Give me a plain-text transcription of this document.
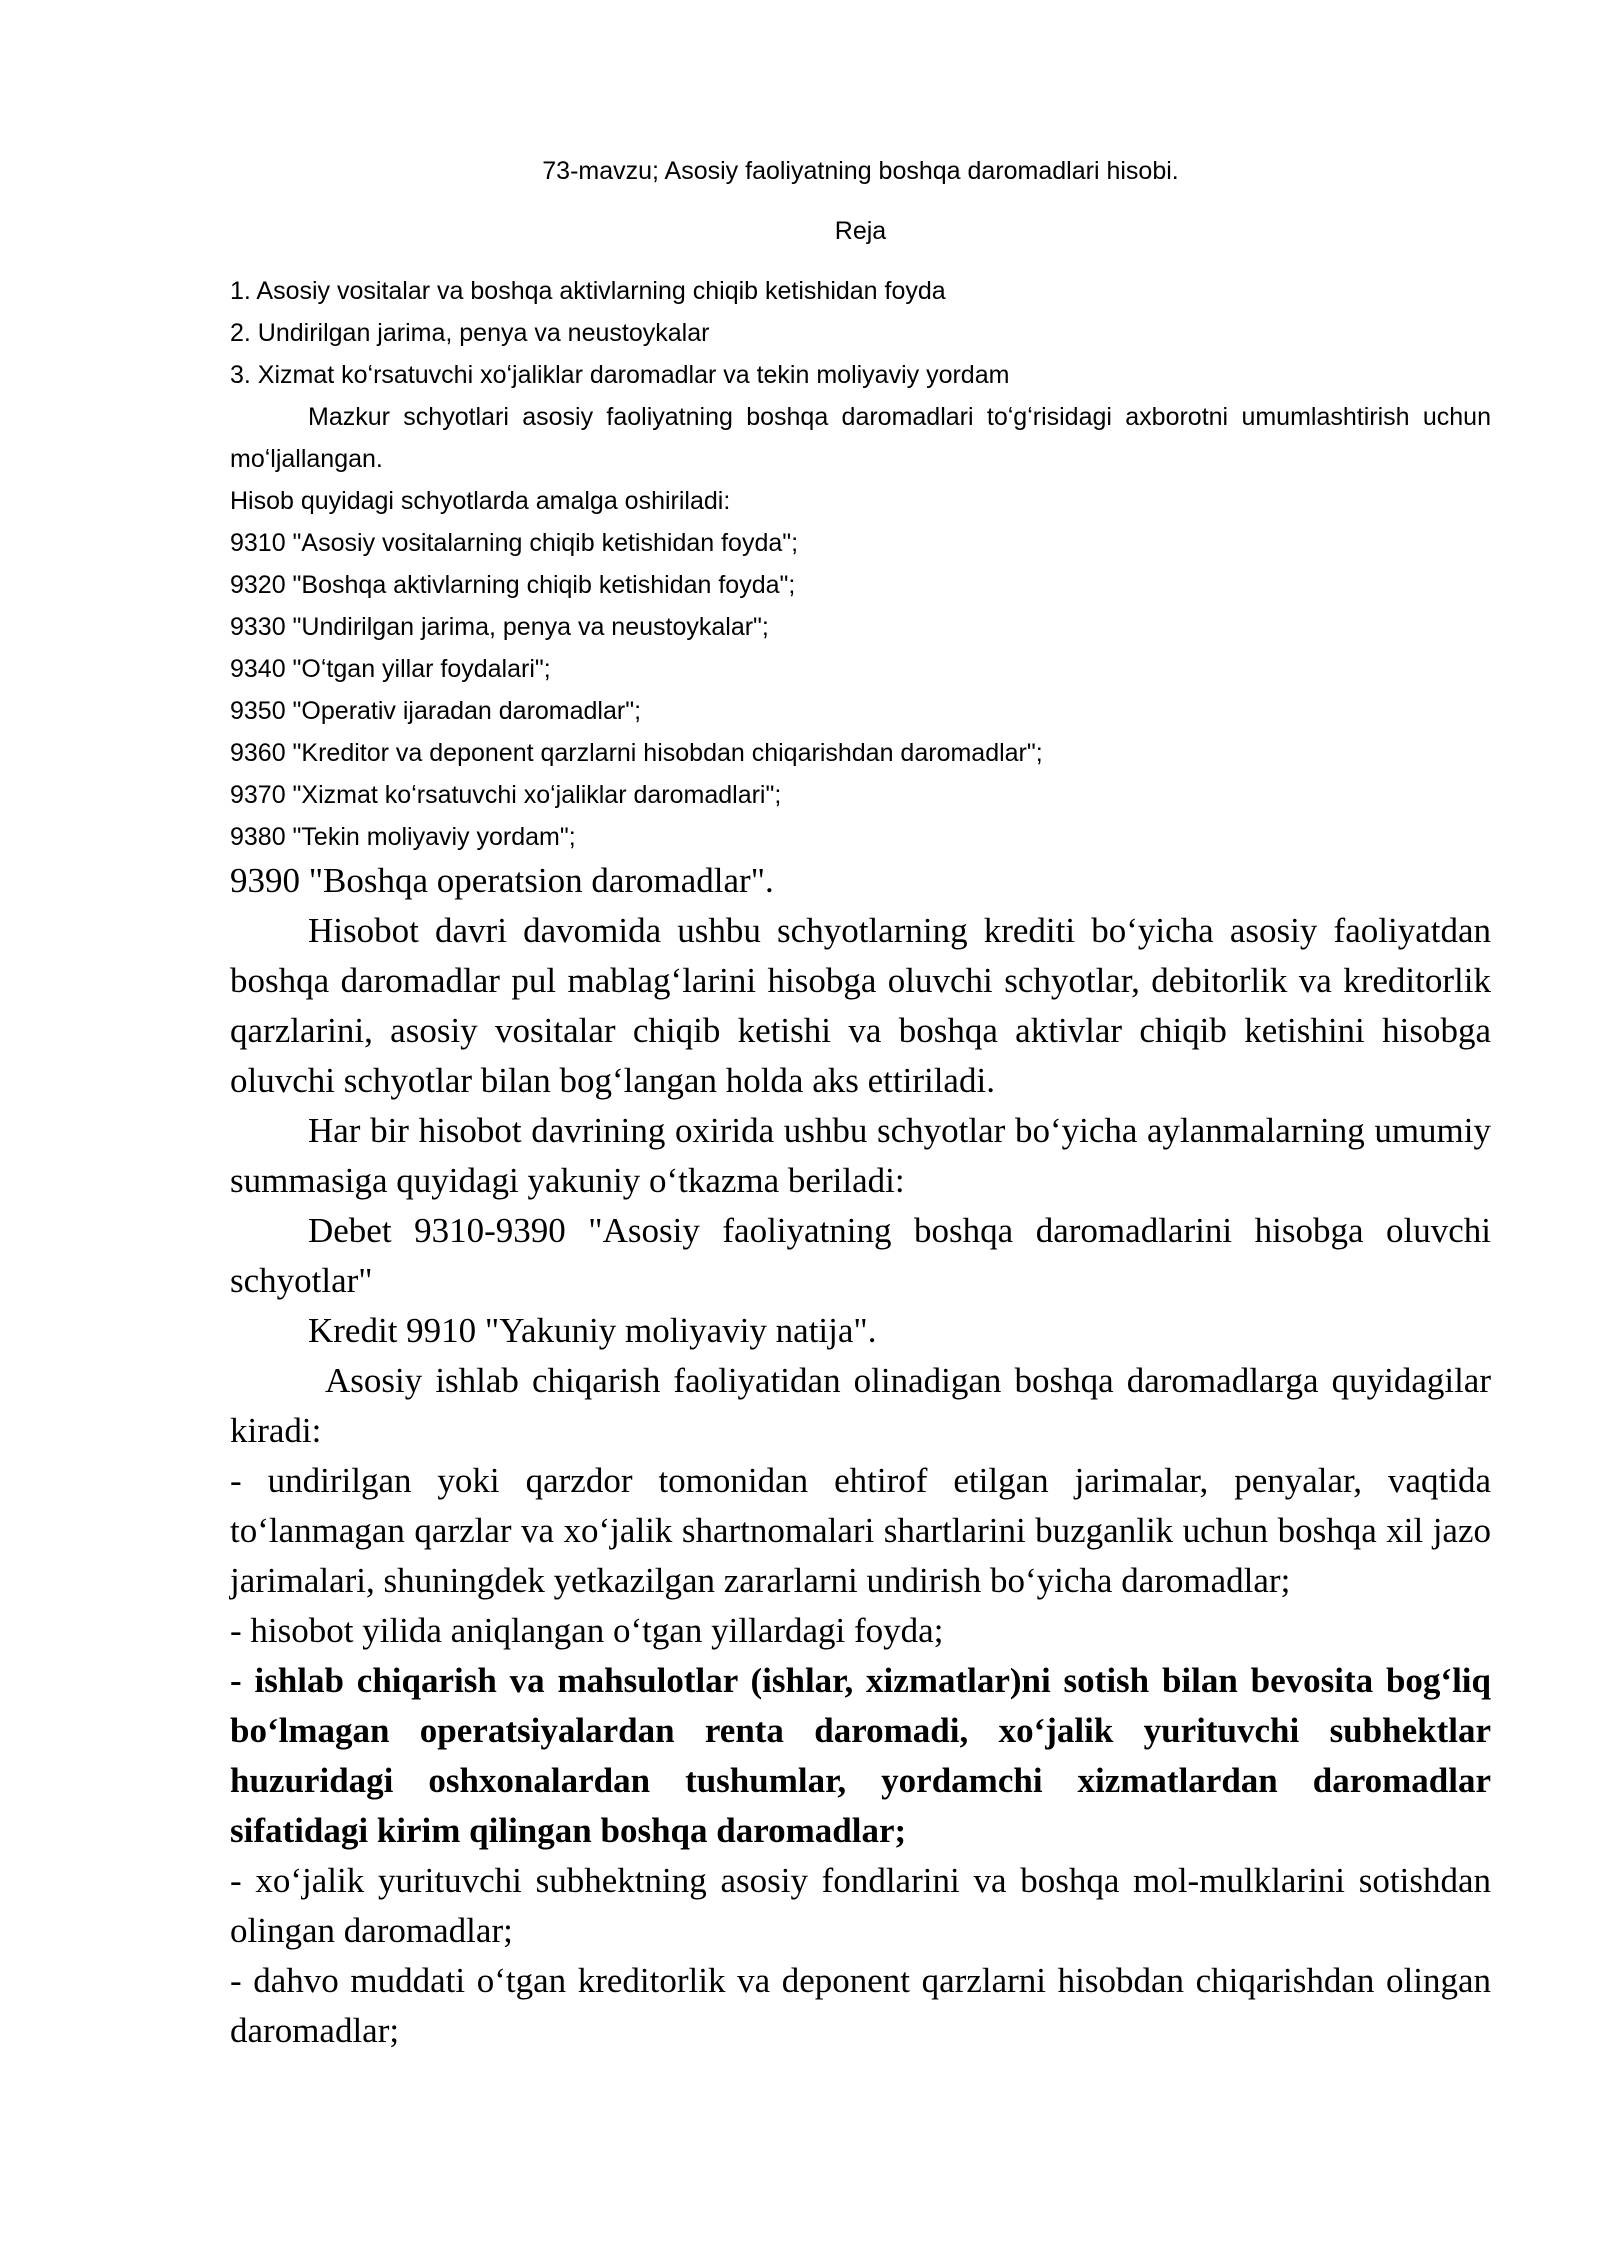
73-mavzu; Asosiy faoliyatning boshqa daromadlari hisobi.
Reja
1. Asosiy vositalar va boshqa aktivlarning chiqib ketishidan foyda
2. Undirilgan jarima, penya va neustoykalar
3. Xizmat koʻrsatuvchi xoʻjaliklar daromadlar va tekin moliyaviy yordam

Mazkur schyotlari asosiy faoliyatning boshqa daromadlari toʻgʻrisidagi axborotni umumlashtirish uchun moʻljallangan.

Hisob quyidagi schyotlarda amalga oshiriladi:
9310 "Asosiy vositalarning chiqib ketishidan foyda";
9320 "Boshqa aktivlarning chiqib ketishidan foyda";
9330 "Undirilgan jarima, penya va neustoykalar";
9340 "Oʻtgan yillar foydalari";
9350 "Operativ ijaradan daromadlar";
9360 "Kreditor va deponent qarzlarni hisobdan chiqarishdan daromadlar";
9370 "Xizmat koʻrsatuvchi xoʻjaliklar daromadlari";
9380 "Tekin moliyaviy yordam";

9390 "Boshqa operatsion daromadlar".

Hisobot davri davomida ushbu schyotlarning krediti boʻyicha asosiy faoliyatdan boshqa daromadlar pul mablagʻlarini hisobga oluvchi schyotlar, debitorlik va kreditorlik qarzlarini, asosiy vositalar chiqib ketishi va boshqa aktivlar chiqib ketishini hisobga oluvchi schyotlar bilan bogʻlangan holda aks ettiriladi.

Har bir hisobot davrining oxirida ushbu schyotlar boʻyicha aylanmalarning umumiy summasiga quyidagi yakuniy oʻtkazma beriladi:

Debet 9310-9390 "Asosiy faoliyatning boshqa daromadlarini hisobga oluvchi schyotlar"

Kredit 9910 "Yakuniy moliyaviy natija".

Asosiy ishlab chiqarish faoliyatidan olinadigan boshqa daromadlarga quyidagilar kiradi:

- undirilgan yoki qarzdor tomonidan ehtirof etilgan jarimalar, penyalar, vaqtida toʻlanmagan qarzlar va xoʻjalik shartnomalari shartlarini buzganlik uchun boshqa xil jazo jarimalari, shuningdek yetkazilgan zararlarni undirish boʻyicha daromadlar;

- hisobot yilida aniqlangan oʻtgan yillardagi foyda;

- ishlab chiqarish va mahsulotlar (ishlar, xizmatlar)ni sotish bilan bevosita bogʻliq boʻlmagan operatsiyalardan renta daromadi, xoʻjalik yurituvchi subhektlar huzuridagi oshxonalardan tushumlar, yordamchi xizmatlardan daromadlar sifatidagi kirim qilingan boshqa daromadlar;

- xoʻjalik yurituvchi subhektning asosiy fondlarini va boshqa mol-mulklarini sotishdan olingan daromadlar;

- dahvo muddati oʻtgan kreditorlik va deponent qarzlarni hisobdan chiqarishdan olingan daromadlar;
